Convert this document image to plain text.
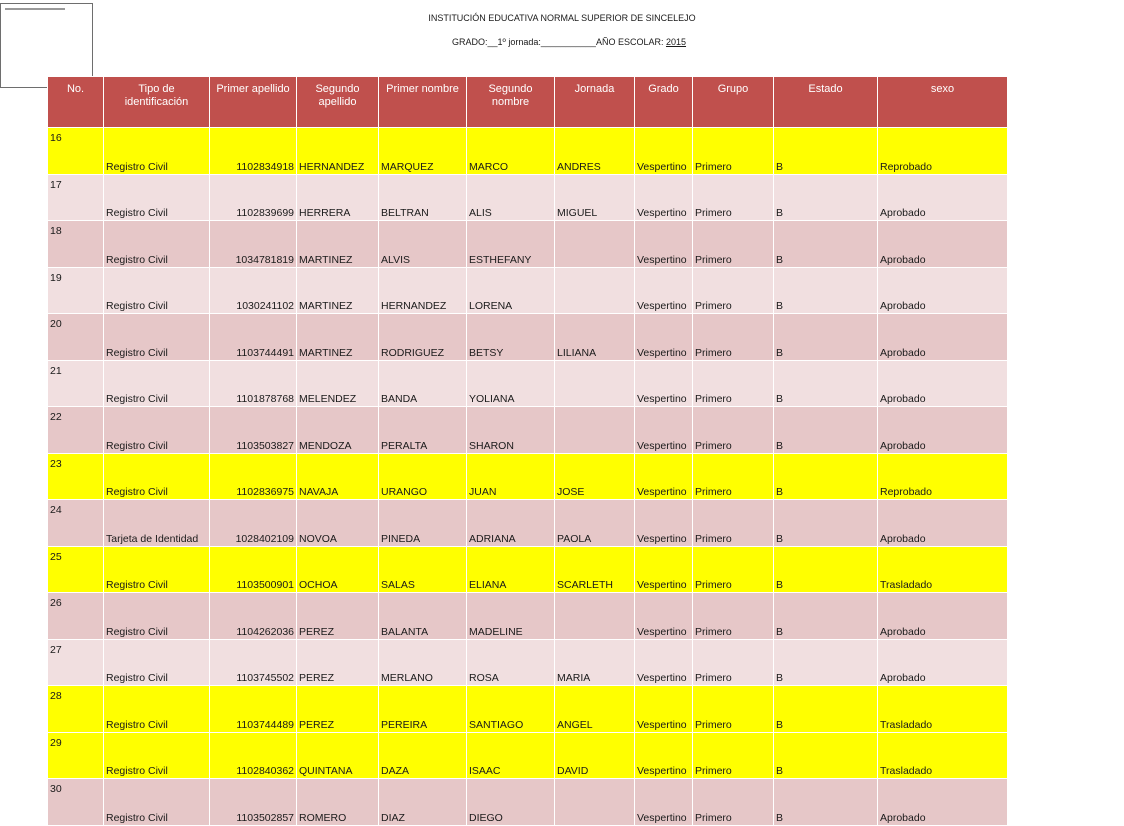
INSTITUCIÓN EDUCATIVA NORMAL SUPERIOR DE SINCELEJO
GRADO:__1º jornada:___________AÑO ESCOLAR: 2015
No.	Tipo de identificación	Primer apellido	Segundo apellido	Primer nombre	Segundo nombre	Jornada	Grado	Grupo	Estado	sexo
16	Registro Civil	1102834918	HERNANDEZ	MARQUEZ	MARCO	ANDRES	Vespertino	Primero	B	Reprobado
17	Registro Civil	1102839699	HERRERA	BELTRAN	ALIS	MIGUEL	Vespertino	Primero	B	Aprobado
18	Registro Civil	1034781819	MARTINEZ	ALVIS	ESTHEFANY		Vespertino	Primero	B	Aprobado
19	Registro Civil	1030241102	MARTINEZ	HERNANDEZ	LORENA		Vespertino	Primero	B	Aprobado
20	Registro Civil	1103744491	MARTINEZ	RODRIGUEZ	BETSY	LILIANA	Vespertino	Primero	B	Aprobado
21	Registro Civil	1101878768	MELENDEZ	BANDA	YOLIANA		Vespertino	Primero	B	Aprobado
22	Registro Civil	1103503827	MENDOZA	PERALTA	SHARON		Vespertino	Primero	B	Aprobado
23	Registro Civil	1102836975	NAVAJA	URANGO	JUAN	JOSE	Vespertino	Primero	B	Reprobado
24	Tarjeta de Identidad	1028402109	NOVOA	PINEDA	ADRIANA	PAOLA	Vespertino	Primero	B	Aprobado
25	Registro Civil	1103500901	OCHOA	SALAS	ELIANA	SCARLETH	Vespertino	Primero	B	Trasladado
26	Registro Civil	1104262036	PEREZ	BALANTA	MADELINE		Vespertino	Primero	B	Aprobado
27	Registro Civil	1103745502	PEREZ	MERLANO	ROSA	MARIA	Vespertino	Primero	B	Aprobado
28	Registro Civil	1103744489	PEREZ	PEREIRA	SANTIAGO	ANGEL	Vespertino	Primero	B	Trasladado
29	Registro Civil	1102840362	QUINTANA	DAZA	ISAAC	DAVID	Vespertino	Primero	B	Trasladado
30	Registro Civil	1103502857	ROMERO	DIAZ	DIEGO		Vespertino	Primero	B	Aprobado
